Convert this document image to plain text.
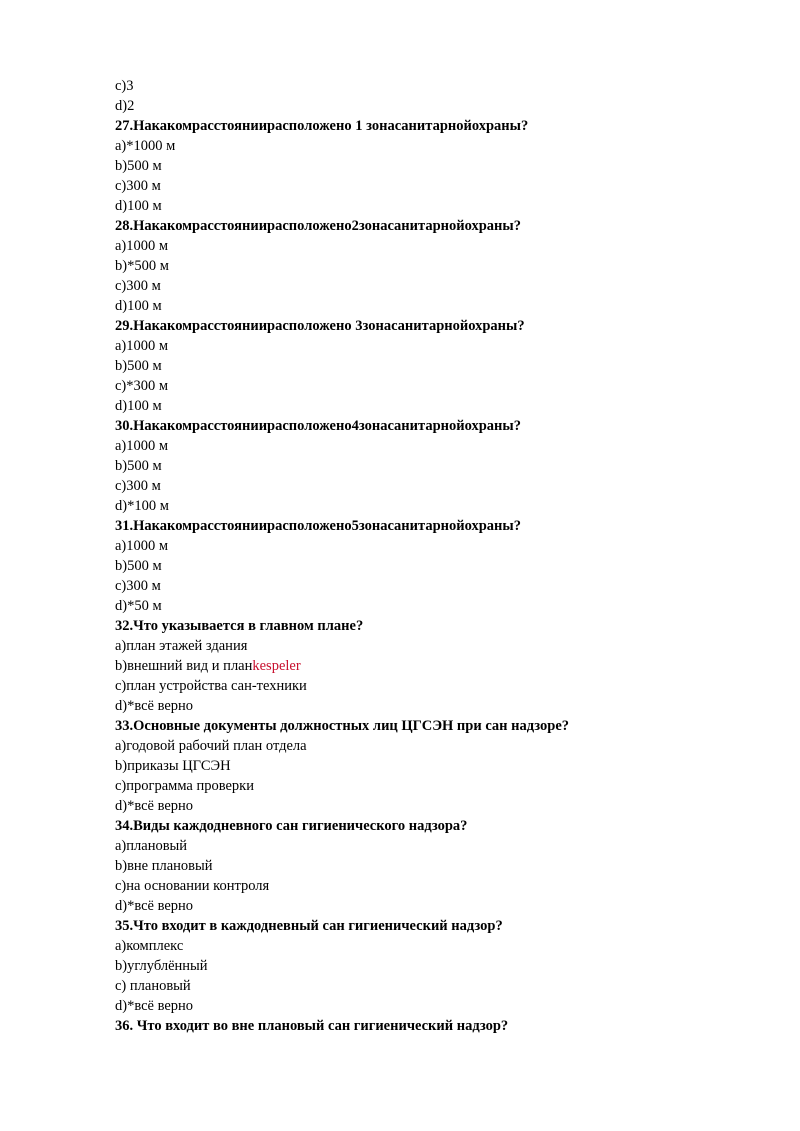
c)3
d)2
27.Накакомрасстояниирасположено 1 зонасанитарнойохраны?
a)*1000 м
b)500 м
c)300 м
d)100 м
28.Накакомрасстояниирасположено2зонасанитарнойохраны?
a)1000 м
b)*500 м
c)300 м
d)100 м
29.Накакомрасстояниирасположено 3зонасанитарнойохраны?
a)1000 м
b)500 м
c)*300 м
d)100 м
30.Накакомрасстояниирасположено4зонасанитарнойохраны?
a)1000 м
b)500 м
c)300 м
d)*100 м
31.Накакомрасстояниирасположено5зонасанитарнойохраны?
a)1000 м
b)500 м
c)300 м
d)*50 м
32.Что указывается в главном плане?
a)план этажей здания
b)внешний вид и планkespeler
c)план устройства сан-техники
d)*всё верно
33.Основные документы должностных лиц ЦГСЭН при сан надзоре?
a)годовой рабочий план отдела
b)приказы ЦГСЭН
c)программа проверки
d)*всё верно
34.Виды каждодневного сан гигиенического надзора?
a)плановый
b)вне плановый
c)на основании контроля
d)*всё верно
35.Что входит в каждодневный сан гигиенический надзор?
a)комплекс
b)углублённый
c) плановый
d)*всё верно
36. Что входит во вне плановый сан гигиенический надзор?
